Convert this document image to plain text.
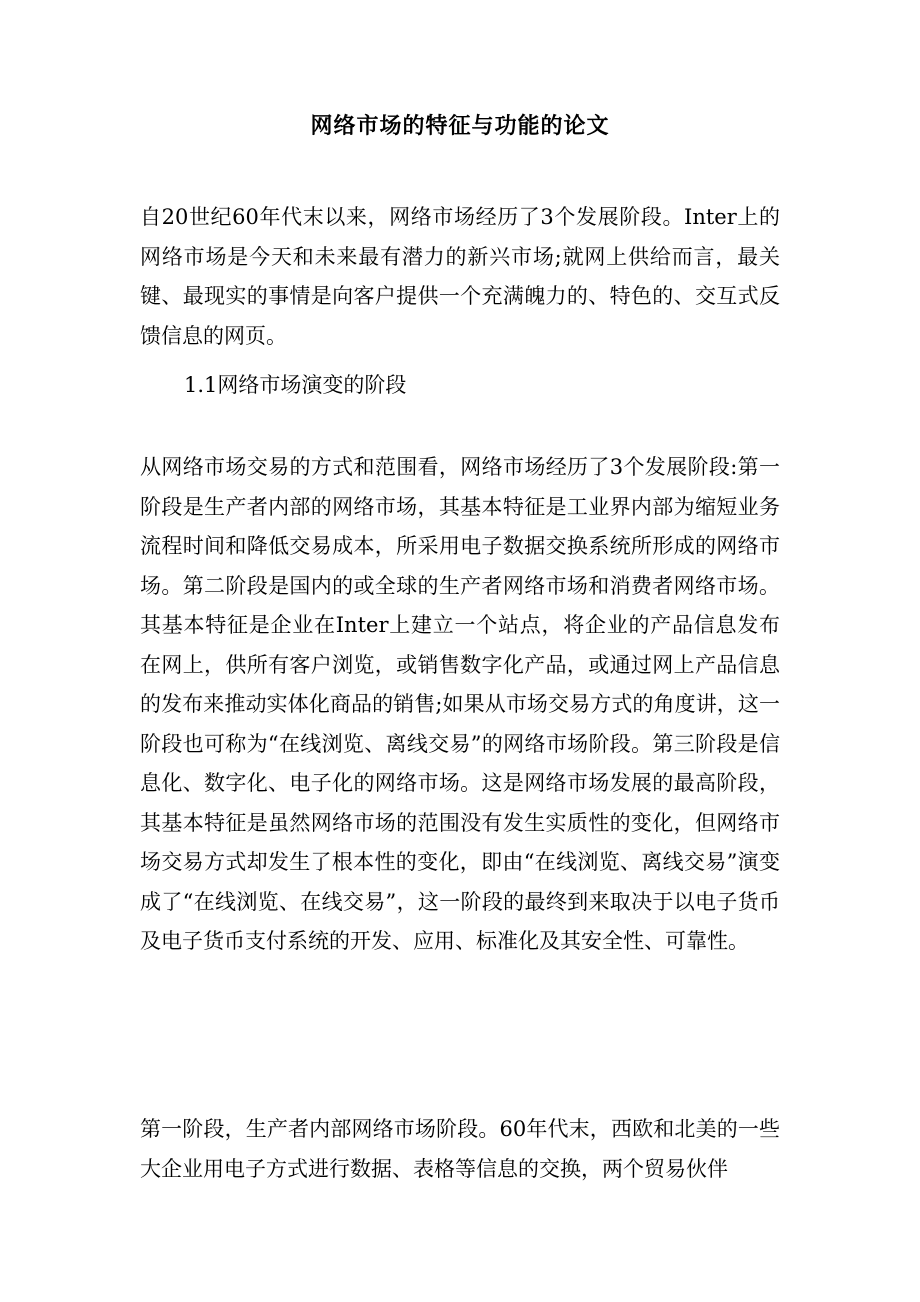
网络市场的特征与功能的论文

自20世纪60年代末以来，网络市场经历了3个发展阶段。Inter上的网络市场是今天和未来最有潜力的新兴市场;就网上供给而言，最关键、最现实的事情是向客户提供一个充满魄力的、特色的、交互式反馈信息的网页。

1.1网络市场演变的阶段

从网络市场交易的方式和范围看，网络市场经历了3个发展阶段:第一阶段是生产者内部的网络市场，其基本特征是工业界内部为缩短业务流程时间和降低交易成本，所采用电子数据交换系统所形成的网络市场。第二阶段是国内的或全球的生产者网络市场和消费者网络市场。其基本特征是企业在Inter上建立一个站点，将企业的产品信息发布在网上，供所有客户浏览，或销售数字化产品，或通过网上产品信息的发布来推动实体化商品的销售;如果从市场交易方式的角度讲，这一阶段也可称为“在线浏览、离线交易”的网络市场阶段。第三阶段是信息化、数字化、电子化的网络市场。这是网络市场发展的最高阶段，其基本特征是虽然网络市场的范围没有发生实质性的变化，但网络市场交易方式却发生了根本性的变化，即由“在线浏览、离线交易”演变成了“在线浏览、在线交易”，这一阶段的最终到来取决于以电子货币及电子货币支付系统的开发、应用、标准化及其安全性、可靠性。

第一阶段，生产者内部网络市场阶段。60年代末，西欧和北美的一些大企业用电子方式进行数据、表格等信息的交换，两个贸易伙伴
